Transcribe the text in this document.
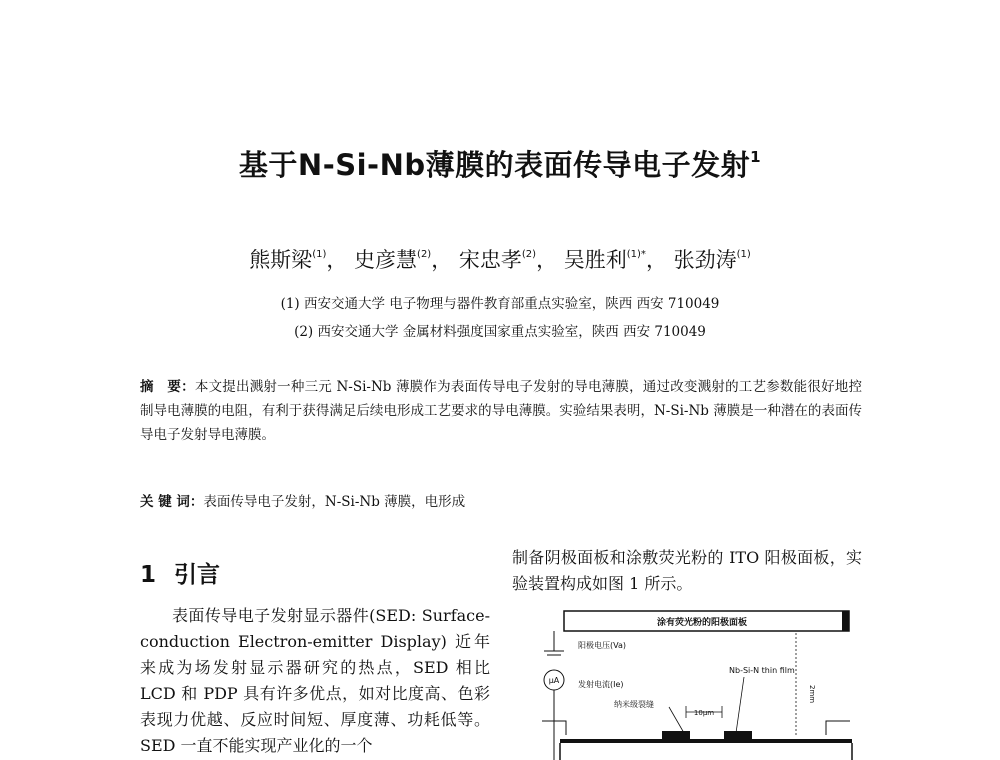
基于N-Si-Nb薄膜的表面传导电子发射$^1$
熊斯梁$^{(1)}$， 史彦慧$^{(2)}$， 宋忠孝$^{(2)}$， 吴胜利$^{(1)*}$， 张劲涛$^{(1)}$
(1) 西安交通大学 电子物理与器件教育部重点实验室，陕西 西安 710049
(2) 西安交通大学 金属材料强度国家重点实验室，陕西 西安 710049
摘　要：本文提出溅射一种三元 N-Si-Nb 薄膜作为表面传导电子发射的导电薄膜，通过改变溅射的工艺参数能很好地控制导电薄膜的电阻，有利于获得满足后续电形成工艺要求的导电薄膜。实验结果表明，N-Si-Nb 薄膜是一种潜在的表面传导电子发射导电薄膜。
关 键 词：表面传导电子发射，N-Si-Nb 薄膜，电形成
1 引言
表面传导电子发射显示器件(SED: Surface-conduction Electron-emitter Display) 近年来成为场发射显示器研究的热点，SED 相比 LCD 和 PDP 具有许多优点，如对比度高、色彩表现力优越、反应时间短、厚度薄、功耗低等。SED 一直不能实现产业化的一个
制备阴极面板和涂敷荧光粉的 ITO 阳极面板，实验装置构成如图 1 所示。
涂有荧光粉的阳极面板
阳极电压(Va)
μA 发射电流(Ie)
Nb-Si-N thin film
纳米级裂缝
10μm
2mm
